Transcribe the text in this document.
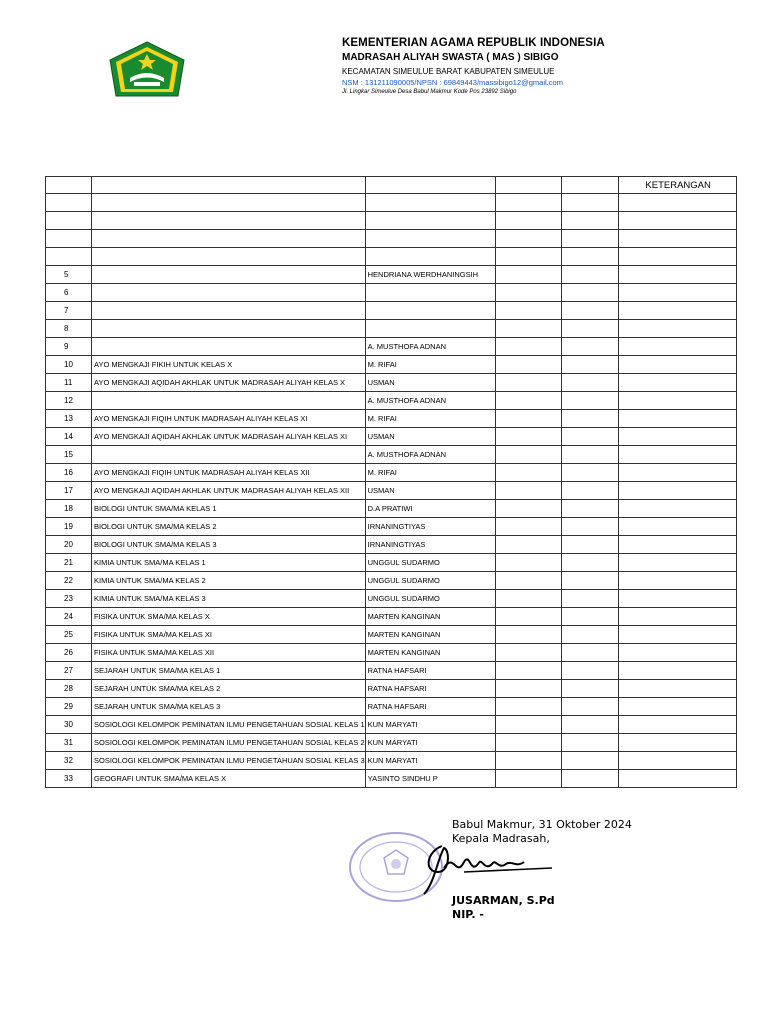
KEMENTERIAN AGAMA REPUBLIK INDONESIA
MADRASAH ALIYAH SWASTA ( MAS ) SIBIGO
KECAMATAN SIMEULUE BARAT KABUPATEN SIMEULUE
NSM : 131211090005/NPSN : 69849443/massibigo12@gmail.com
Jl. Lingkar Simeulue Desa Babul Makmur Kode Pos 23892 Sibigo
					KETERANGAN

5		HENDRIANA WERDHANINGSIH			
6					
7					
8					
9		A. MUSTHOFA ADNAN			
10	AYO MENGKAJI FIKIH UNTUK KELAS X	M. RIFAI			
11	AYO MENGKAJI AQIDAH AKHLAK UNTUK MADRASAH ALIYAH KELAS X	USMAN			
12		A. MUSTHOFA ADNAN			
13	AYO MENGKAJI FIQIH UNTUK MADRASAH ALIYAH KELAS XI	M. RIFAI			
14	AYO MENGKAJI AQIDAH AKHLAK UNTUK MADRASAH ALIYAH KELAS XI	USMAN			
15		A. MUSTHOFA ADNAN			
16	AYO MENGKAJI FIQIH UNTUK MADRASAH ALIYAH KELAS XII	M. RIFAI			
17	AYO MENGKAJI AQIDAH AKHLAK UNTUK MADRASAH ALIYAH KELAS XII	USMAN			
18	BIOLOGI UNTUK SMA/MA KELAS 1	D.A PRATIWI			
19	BIOLOGI UNTUK SMA/MA KELAS 2	IRNANINGTIYAS			
20	BIOLOGI UNTUK SMA/MA KELAS 3	IRNANINGTIYAS			
21	KIMIA UNTUK SMA/MA KELAS 1	UNGGUL SUDARMO			
22	KIMIA UNTUK SMA/MA KELAS 2	UNGGUL SUDARMO			
23	KIMIA UNTUK SMA/MA KELAS 3	UNGGUL SUDARMO			
24	FISIKA UNTUK SMA/MA KELAS X	MARTEN KANGINAN			
25	FISIKA UNTUK SMA/MA KELAS XI	MARTEN KANGINAN			
26	FISIKA UNTUK SMA/MA KELAS XII	MARTEN KANGINAN			
27	SEJARAH UNTUK SMA/MA KELAS 1	RATNA HAFSARI			
28	SEJARAH UNTUK SMA/MA KELAS 2	RATNA HAFSARI			
29	SEJARAH UNTUK SMA/MA KELAS 3	RATNA HAFSARI			
30	SOSIOLOGI KELOMPOK PEMINATAN ILMU PENGETAHUAN SOSIAL KELAS 1	KUN MARYATI			
31	SOSIOLOGI KELOMPOK PEMINATAN ILMU PENGETAHUAN SOSIAL KELAS 2	KUN MARYATI			
32	SOSIOLOGI KELOMPOK PEMINATAN ILMU PENGETAHUAN SOSIAL KELAS 3	KUN MARYATI			
33	GEOGRAFI UNTUK SMA/MA KELAS X	YASINTO SINDHU P			
Babul Makmur, 31 Oktober 2024
Kepala Madrasah,
JUSARMAN, S.Pd
NIP. -
